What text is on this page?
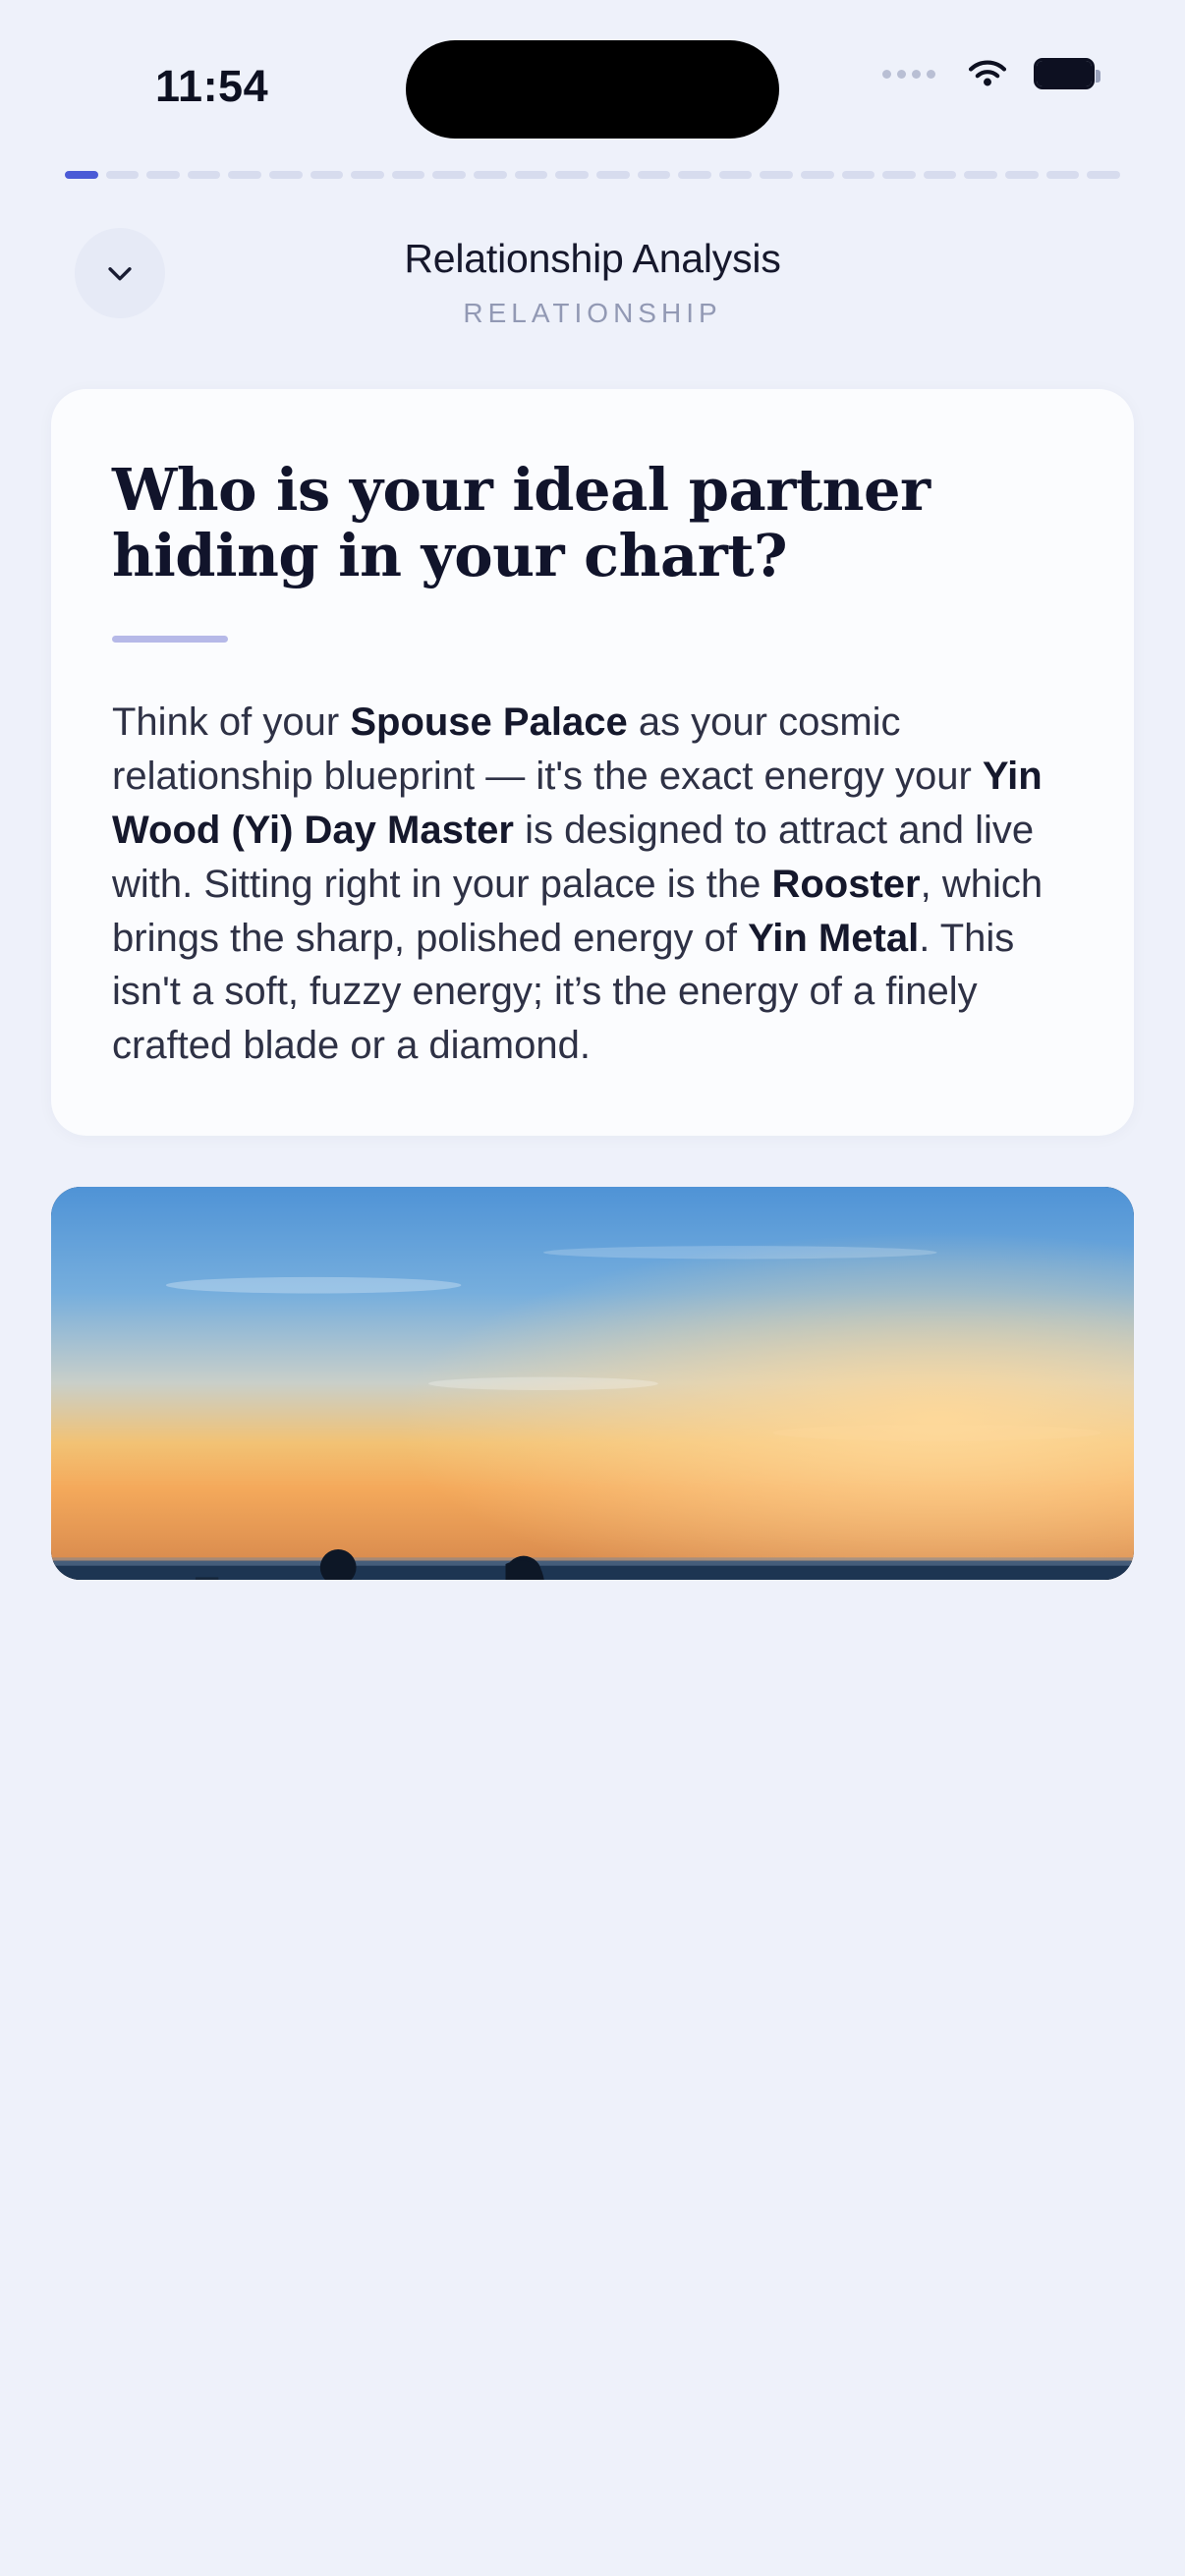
11:54
Relationship Analysis
RELATIONSHIP
Who is your ideal partner hiding in your chart?
Think of your Spouse Palace as your cosmic relationship blueprint — it's the exact energy your Yin Wood (Yi) Day Master is designed to attract and live with. Sitting right in your palace is the Rooster, which brings the sharp, polished energy of Yin Metal. This isn't a soft, fuzzy energy; it’s the energy of a finely crafted blade or a diamond.
